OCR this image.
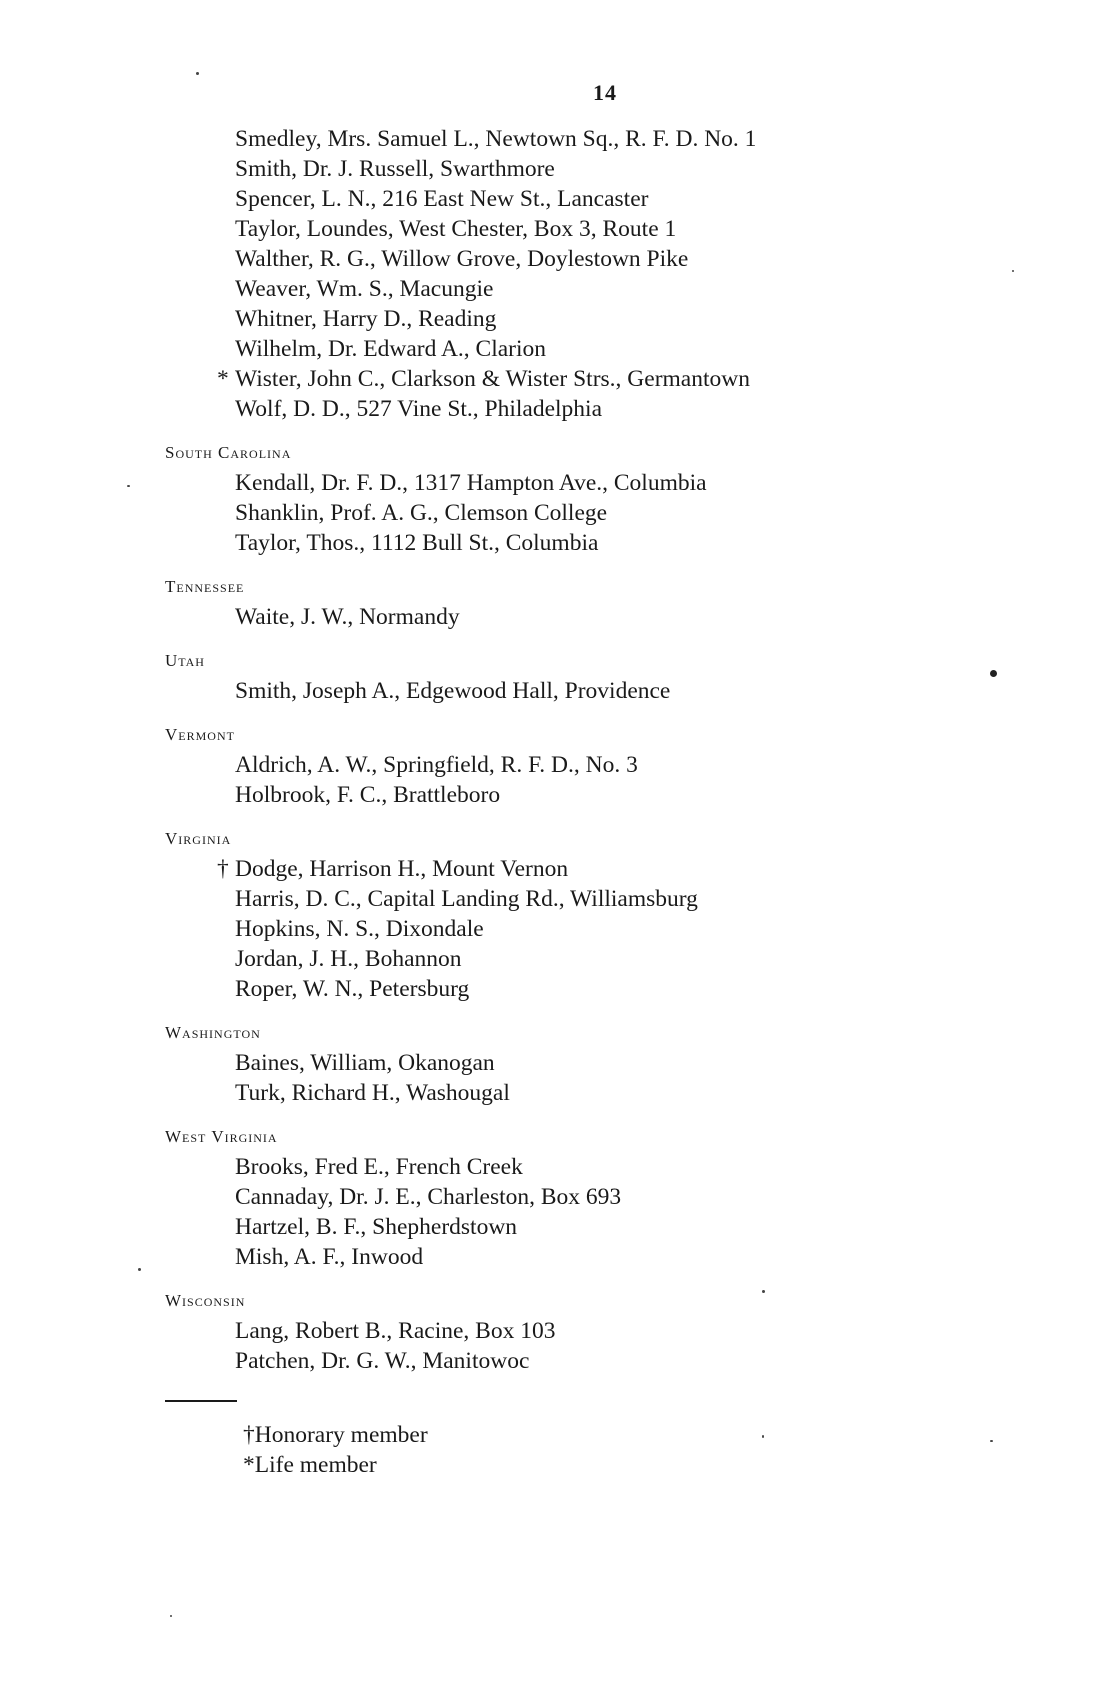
14
Smedley, Mrs. Samuel L., Newtown Sq., R. F. D. No. 1
Smith, Dr. J. Russell, Swarthmore
Spencer, L. N., 216 East New St., Lancaster
Taylor, Loundes, West Chester, Box 3, Route 1
Walther, R. G., Willow Grove, Doylestown Pike
Weaver, Wm. S., Macungie
Whitner, Harry D., Reading
Wilhelm, Dr. Edward A., Clarion
* Wister, John C., Clarkson & Wister Strs., Germantown
Wolf, D. D., 527 Vine St., Philadelphia
South Carolina
Kendall, Dr. F. D., 1317 Hampton Ave., Columbia
Shanklin, Prof. A. G., Clemson College
Taylor, Thos., 1112 Bull St., Columbia
Tennessee
Waite, J. W., Normandy
Utah
Smith, Joseph A., Edgewood Hall, Providence
Vermont
Aldrich, A. W., Springfield, R. F. D., No. 3
Holbrook, F. C., Brattleboro
Virginia
† Dodge, Harrison H., Mount Vernon
Harris, D. C., Capital Landing Rd., Williamsburg
Hopkins, N. S., Dixondale
Jordan, J. H., Bohannon
Roper, W. N., Petersburg
Washington
Baines, William, Okanogan
Turk, Richard H., Washougal
West Virginia
Brooks, Fred E., French Creek
Cannaday, Dr. J. E., Charleston, Box 693
Hartzel, B. F., Shepherdstown
Mish, A. F., Inwood
Wisconsin
Lang, Robert B., Racine, Box 103
Patchen, Dr. G. W., Manitowoc
†Honorary member
*Life member
